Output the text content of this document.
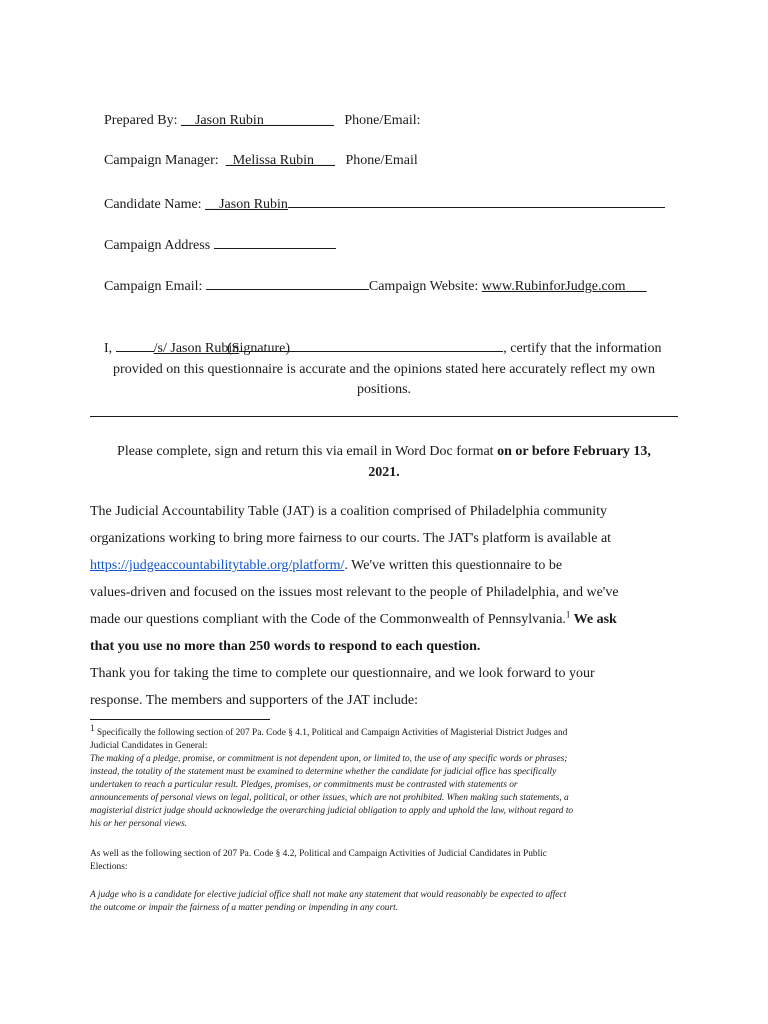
Prepared By: __Jason Rubin__________ Phone/Email:

Campaign Manager: _Melissa Rubin___ Phone/Email

Candidate Name: __Jason Rubin

Campaign Address

Campaign Email:	Campaign Website: www.RubinforJudge.com___

I,	/s/ Jason Rubin	, certify that the information

(Signature)
provided on this questionnaire is accurate and the opinions stated here accurately reflect my own
positions.
Please complete, sign and return this via email in Word Doc format on or before February 13,
2021.
The Judicial Accountability Table (JAT) is a coalition comprised of Philadelphia community
organizations working to bring more fairness to our courts. The JAT's platform is available at
https://judgeaccountabilitytable.org/platform/. We've written this questionnaire to be
values-driven and focused on the issues most relevant to the people of Philadelphia, and we've
made our questions compliant with the Code of the Commonwealth of Pennsylvania.$^1$ We ask
that you use no more than 250 words to respond to each question.
Thank you for taking the time to complete our questionnaire, and we look forward to your
response. The members and supporters of the JAT include:
$^1$ Specifically the following section of 207 Pa. Code § 4.1, Political and Campaign Activities of Magisterial District Judges and
Judicial Candidates in General:
The making of a pledge, promise, or commitment is not dependent upon, or limited to, the use of any specific words or phrases;
instead, the totality of the statement must be examined to determine whether the candidate for judicial office has specifically
undertaken to reach a particular result. Pledges, promises, or commitments must be contrasted with statements or
announcements of personal views on legal, political, or other issues, which are not prohibited. When making such statements, a
magisterial district judge should acknowledge the overarching judicial obligation to apply and uphold the law, without regard to
his or her personal views.
As well as the following section of 207 Pa. Code § 4.2, Political and Campaign Activities of Judicial Candidates in Public
Elections:
A judge who is a candidate for elective judicial office shall not make any statement that would reasonably be expected to affect
the outcome or impair the fairness of a matter pending or impending in any court.
